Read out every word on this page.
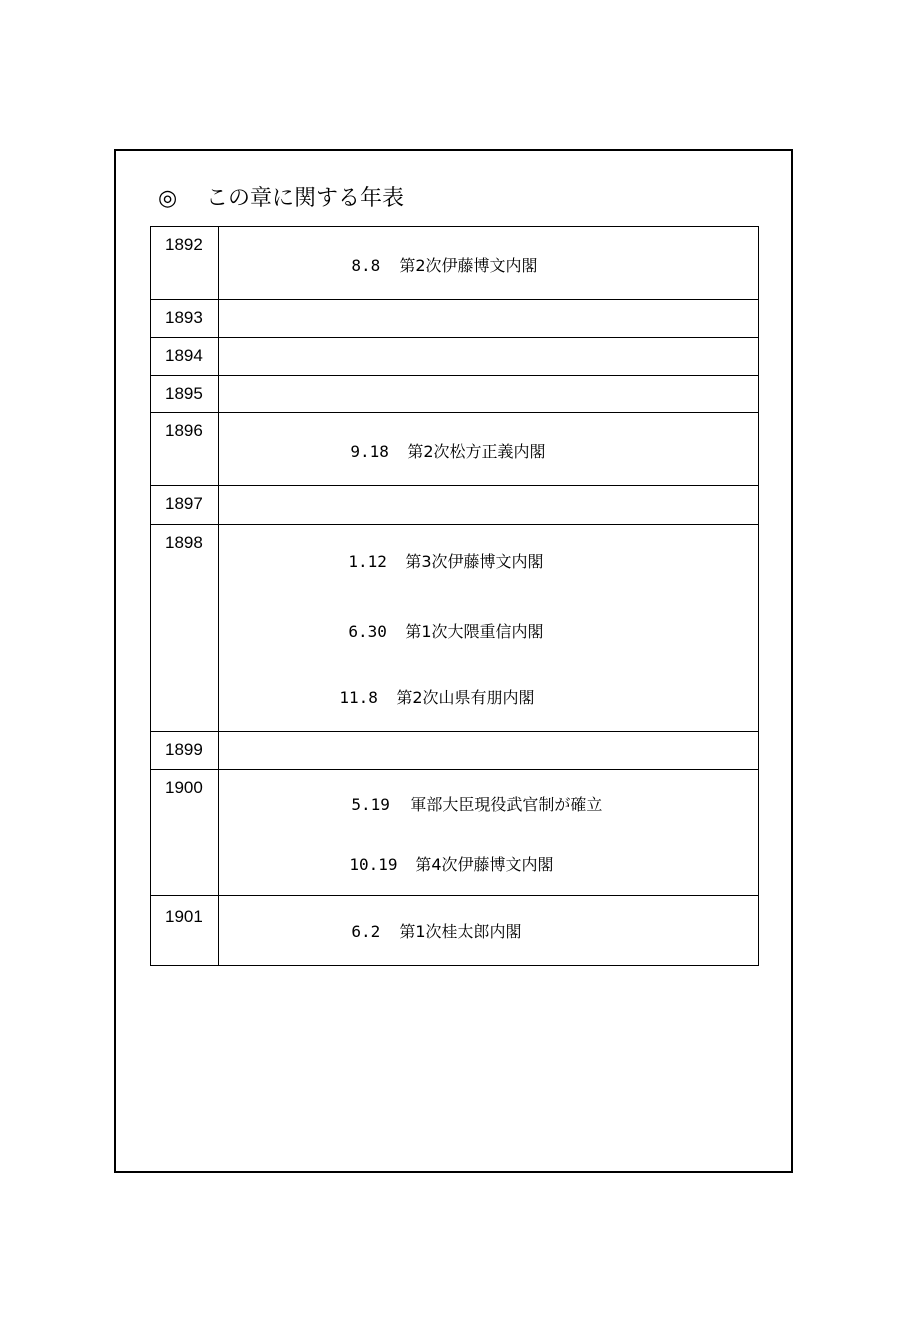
◎ この章に関する年表
1892	8.8 第2次伊藤博文内閣

1893	
1894	
1895	
1896	9.18 第2次松方正義内閣

1897	
1898	1.12 第3次伊藤博文内閣

6.30 第1次大隈重信内閣

11.8 第2次山県有朋内閣

1899	
1900	5.19 軍部大臣現役武官制が確立

10.19 第4次伊藤博文内閣

1901	6.2 第1次桂太郎内閣
